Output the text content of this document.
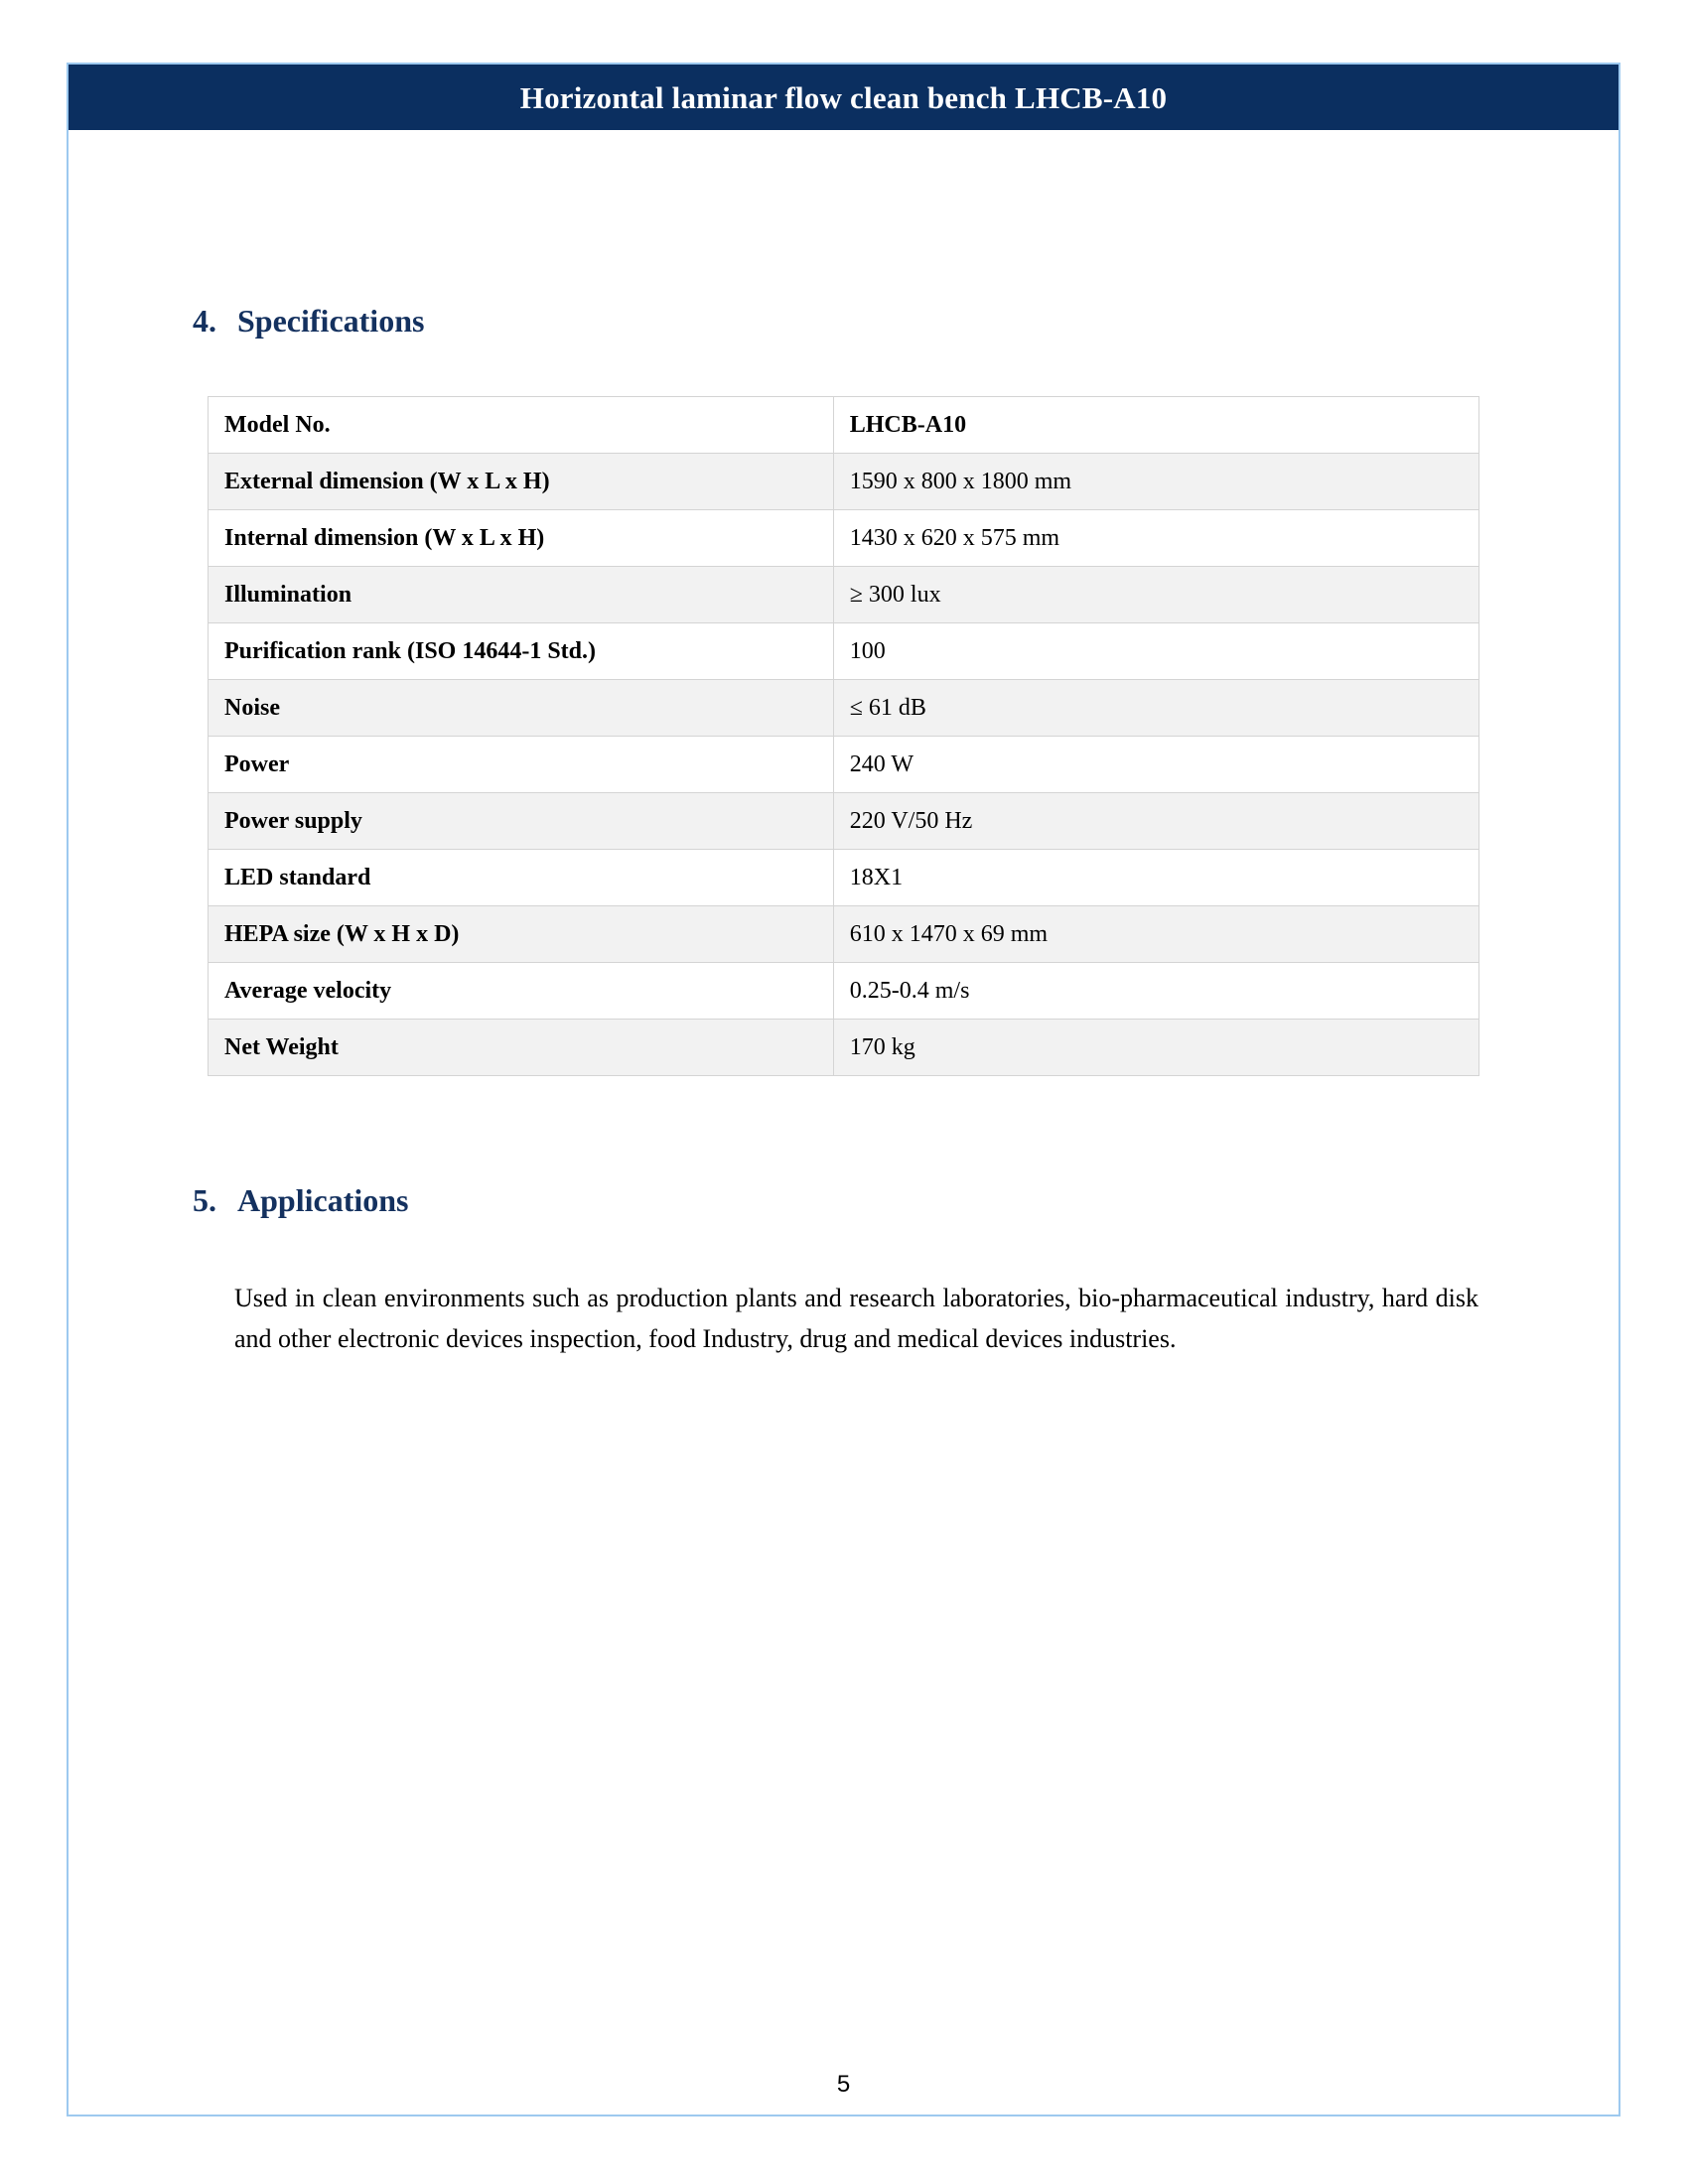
Horizontal laminar flow clean bench LHCB-A10
4. Specifications
Model No.	LHCB-A10
External dimension (W x L x H)	1590 x 800 x 1800 mm
Internal dimension (W x L x H)	1430 x 620 x 575 mm
Illumination	≥ 300 lux
Purification rank (ISO 14644-1 Std.)	100
Noise	≤ 61 dB
Power	240 W
Power supply	220 V/50 Hz
LED standard	18X1
HEPA size (W x H x D)	610 x 1470 x 69 mm
Average velocity	0.25-0.4 m/s
Net Weight	170 kg
5. Applications

Used in clean environments such as production plants and research laboratories, bio-pharmaceutical industry, hard disk and other electronic devices inspection, food Industry, drug and medical devices industries.

5
